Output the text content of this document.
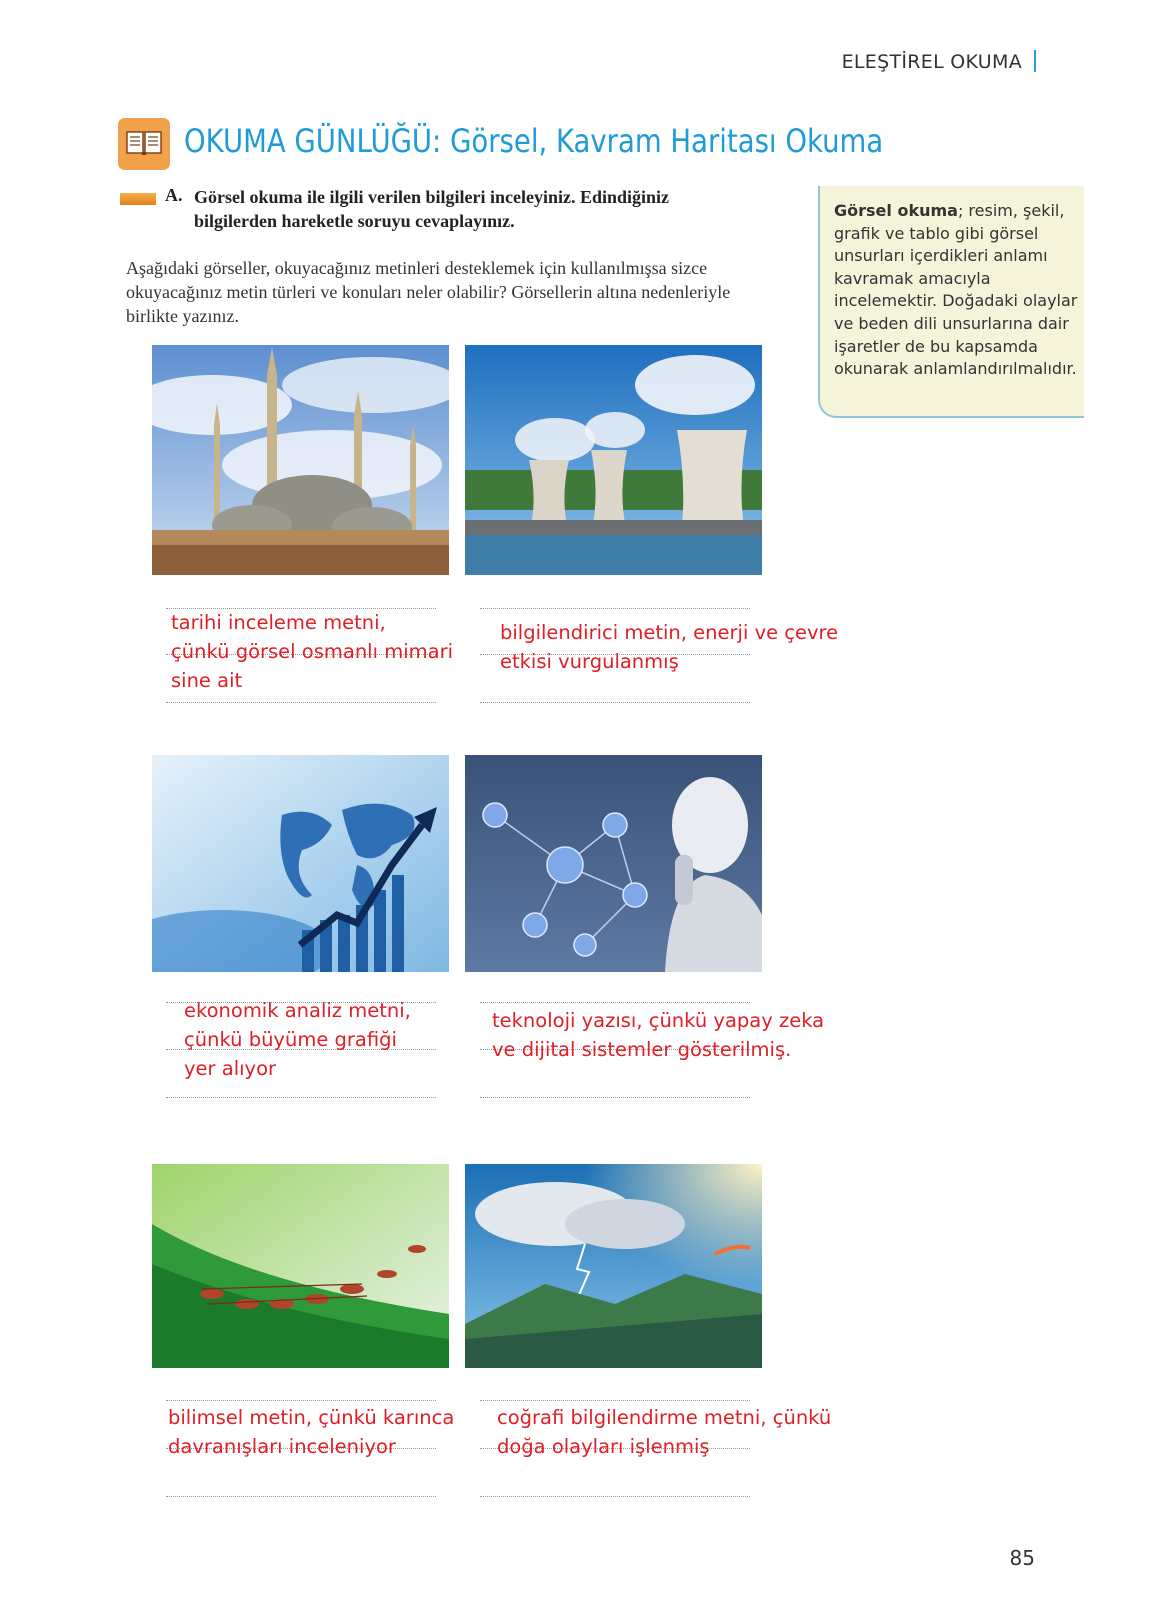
ELEŞTİREL OKUMA
OKUMA GÜNLÜĞÜ: Görsel, Kavram Haritası Okuma
A. Görsel okuma ile ilgili verilen bilgileri inceleyiniz. Edindiğiniz bilgilerden hareketle soruyu cevaplayınız.
Aşağıdaki görseller, okuyacağınız metinleri desteklemek için kullanılmışsa sizce okuyacağınız metin türleri ve konuları neler olabilir? Görsellerin altına nedenleriyle birlikte yazınız.
Görsel okuma; resim, şekil, grafik ve tablo gibi görsel unsurları içerdikleri anlamı kavramak amacıyla incelemektir. Doğadaki olaylar ve beden dili unsurlarına dair işaretler de bu kapsamda okunarak anlamlandırılmalıdır.
tarihi inceleme metni,
çünkü görsel osmanlı mimari
sine ait
bilgilendirici metin, enerji ve çevre
etkisi vurgulanmış
ekonomik analiz metni,
çünkü büyüme grafiği
yer alıyor
teknoloji yazısı, çünkü yapay zeka
ve dijital sistemler gösterilmiş.
bilimsel metin, çünkü karınca
davranışları inceleniyor
coğrafi bilgilendirme metni, çünkü
doğa olayları işlenmiş
85
